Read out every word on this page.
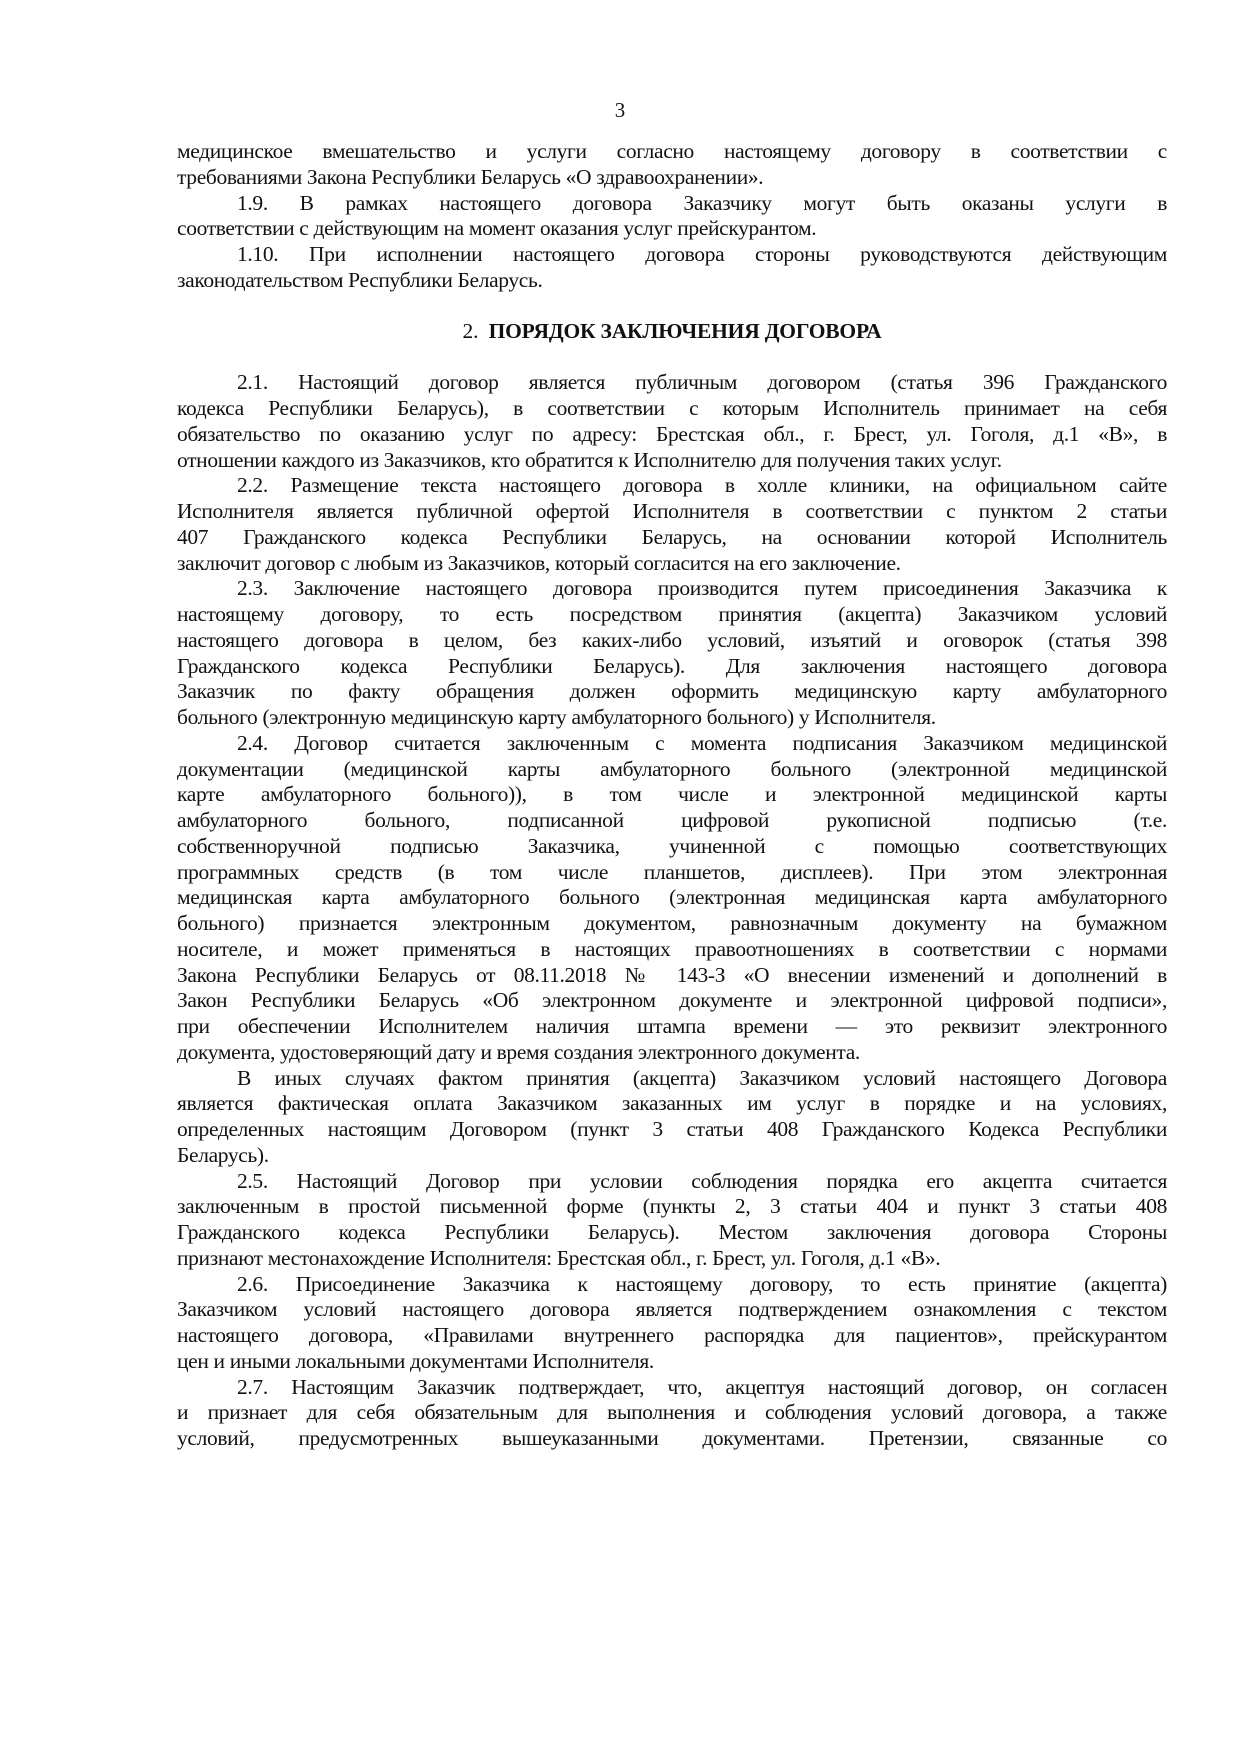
3
медицинское вмешательство и услуги согласно настоящему договору в соответствии с
требованиями Закона Республики Беларусь «О здравоохранении».
1.9. В рамках настоящего договора Заказчику могут быть оказаны услуги в
соответствии с действующим на момент оказания услуг прейскурантом.
1.10. При исполнении настоящего договора стороны руководствуются действующим
законодательством Республики Беларусь.
2. ПОРЯДОК ЗАКЛЮЧЕНИЯ ДОГОВОРА
2.1. Настоящий договор является публичным договором (статья 396 Гражданского
кодекса Республики Беларусь), в соответствии с которым Исполнитель принимает на себя
обязательство по оказанию услуг по адресу: Брестская обл., г. Брест, ул. Гоголя, д.1 «В», в
отношении каждого из Заказчиков, кто обратится к Исполнителю для получения таких услуг.
2.2. Размещение текста настоящего договора в холле клиники, на официальном сайте
Исполнителя является публичной офертой Исполнителя в соответствии с пунктом 2 статьи
407 Гражданского кодекса Республики Беларусь, на основании которой Исполнитель
заключит договор с любым из Заказчиков, который согласится на его заключение.
2.3. Заключение настоящего договора производится путем присоединения Заказчика к
настоящему договору, то есть посредством принятия (акцепта) Заказчиком условий
настоящего договора в целом, без каких-либо условий, изъятий и оговорок (статья 398
Гражданского кодекса Республики Беларусь). Для заключения настоящего договора
Заказчик по факту обращения должен оформить медицинскую карту амбулаторного
больного (электронную медицинскую карту амбулаторного больного) у Исполнителя.
2.4. Договор считается заключенным с момента подписания Заказчиком медицинской
документации (медицинской карты амбулаторного больного (электронной медицинской
карте амбулаторного больного)), в том числе и электронной медицинской карты
амбулаторного больного, подписанной цифровой рукописной подписью (т.е.
собственноручной подписью Заказчика, учиненной с помощью соответствующих
программных средств (в том числе планшетов, дисплеев). При этом электронная
медицинская карта амбулаторного больного (электронная медицинская карта амбулаторного
больного) признается электронным документом, равнозначным документу на бумажном
носителе, и может применяться в настоящих правоотношениях в соответствии с нормами
Закона Республики Беларусь от 08.11.2018 № 143-З «О внесении изменений и дополнений в
Закон Республики Беларусь «Об электронном документе и электронной цифровой подписи»,
при обеспечении Исполнителем наличия штампа времени — это реквизит электронного
документа, удостоверяющий дату и время создания электронного документа.
В иных случаях фактом принятия (акцепта) Заказчиком условий настоящего Договора
является фактическая оплата Заказчиком заказанных им услуг в порядке и на условиях,
определенных настоящим Договором (пункт 3 статьи 408 Гражданского Кодекса Республики
Беларусь).
2.5. Настоящий Договор при условии соблюдения порядка его акцепта считается
заключенным в простой письменной форме (пункты 2, 3 статьи 404 и пункт 3 статьи 408
Гражданского кодекса Республики Беларусь). Местом заключения договора Стороны
признают местонахождение Исполнителя: Брестская обл., г. Брест, ул. Гоголя, д.1 «В».
2.6. Присоединение Заказчика к настоящему договору, то есть принятие (акцепта)
Заказчиком условий настоящего договора является подтверждением ознакомления с текстом
настоящего договора, «Правилами внутреннего распорядка для пациентов», прейскурантом
цен и иными локальными документами Исполнителя.
2.7. Настоящим Заказчик подтверждает, что, акцептуя настоящий договор, он согласен
и признает для себя обязательным для выполнения и соблюдения условий договора, а также
условий, предусмотренных вышеуказанными документами. Претензии, связанные со
